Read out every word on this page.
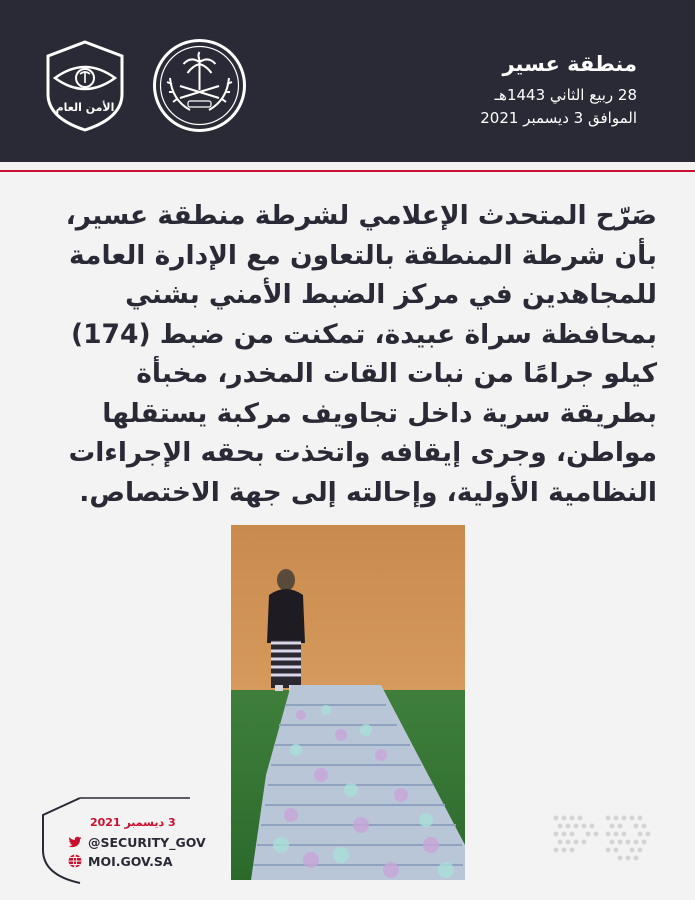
الأمن العام
منطقة عسير
28 ربيع الثاني 1443هـ
الموافق 3 ديسمبر 2021
صَرّح المتحدث الإعلامي لشرطة منطقة عسير،
بأن شرطة المنطقة بالتعاون مع الإدارة العامة
للمجاهدين في مركز الضبط الأمني بشني
بمحافظة سراة عبيدة، تمكنت من ضبط (174)
كيلو جرامًا من نبات القات المخدر، مخبأة
بطريقة سرية داخل تجاويف مركبة يستقلها
مواطن، وجرى إيقافه واتخذت بحقه الإجراءات
النظامية الأولية، وإحالته إلى جهة الاختصاص.
3 ديسمبر 2021
@SECURITY_GOV
MOI.GOV.SA
